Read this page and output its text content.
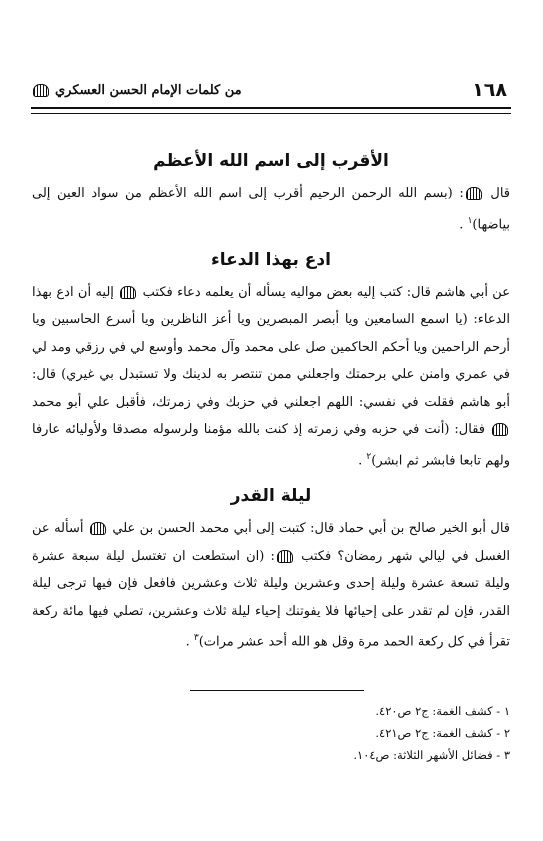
١٦٨
من كلمات الإمام الحسن العسكري
الأقرب إلى اسم الله الأعظم

قال : (بسم الله الرحمن الرحيم أقرب إلى اسم الله الأعظم من سواد العين إلى بياضها)$^١$ .

ادع بهذا الدعاء

عن أبي هاشم قال: كتب إليه بعض مواليه يسأله أن يعلمه دعاء فكتب  إليه أن ادع بهذا الدعاء: (يا اسمع السامعين ويا أبصر المبصرين ويا أعز الناظرين ويا أسرع الحاسبين ويا أرحم الراحمين ويا أحكم الحاكمين صل على محمد وآل محمد وأوسع لي في رزقي ومد لي في عمري وامنن علي برحمتك واجعلني ممن تنتصر به لدينك ولا تستبدل بي غيري) قال: أبو هاشم فقلت في نفسي: اللهم اجعلني في حزبك وفي زمرتك، فأقبل علي أبو محمد  فقال: (أنت في حزبه وفي زمرته إذ كنت بالله مؤمنا ولرسوله مصدقا ولأوليائه عارفا ولهم تابعا فابشر ثم ابشر)$^٢$ .

ليلة القدر

قال أبو الخير صالح بن أبي حماد قال: كتبت إلى أبي محمد الحسن بن علي  أسأله عن الغسل في ليالي شهر رمضان؟ فكتب : (ان استطعت ان تغتسل ليلة سبعة عشرة وليلة تسعة عشرة وليلة إحدى وعشرين وليلة ثلاث وعشرين فافعل فإن فيها ترجى ليلة القدر، فإن لم تقدر على إحيائها فلا يفوتنك إحياء ليلة ثلاث وعشرين، تصلي فيها مائة ركعة تقرأ في كل ركعة الحمد مرة وقل هو الله أحد عشر مرات)$^٣$ .

١ - كشف الغمة: ج٢ ص٤٢٠.

٢ - كشف الغمة: ج٢ ص٤٢١.

٣ - فضائل الأشهر الثلاثة: ص١٠٤.
